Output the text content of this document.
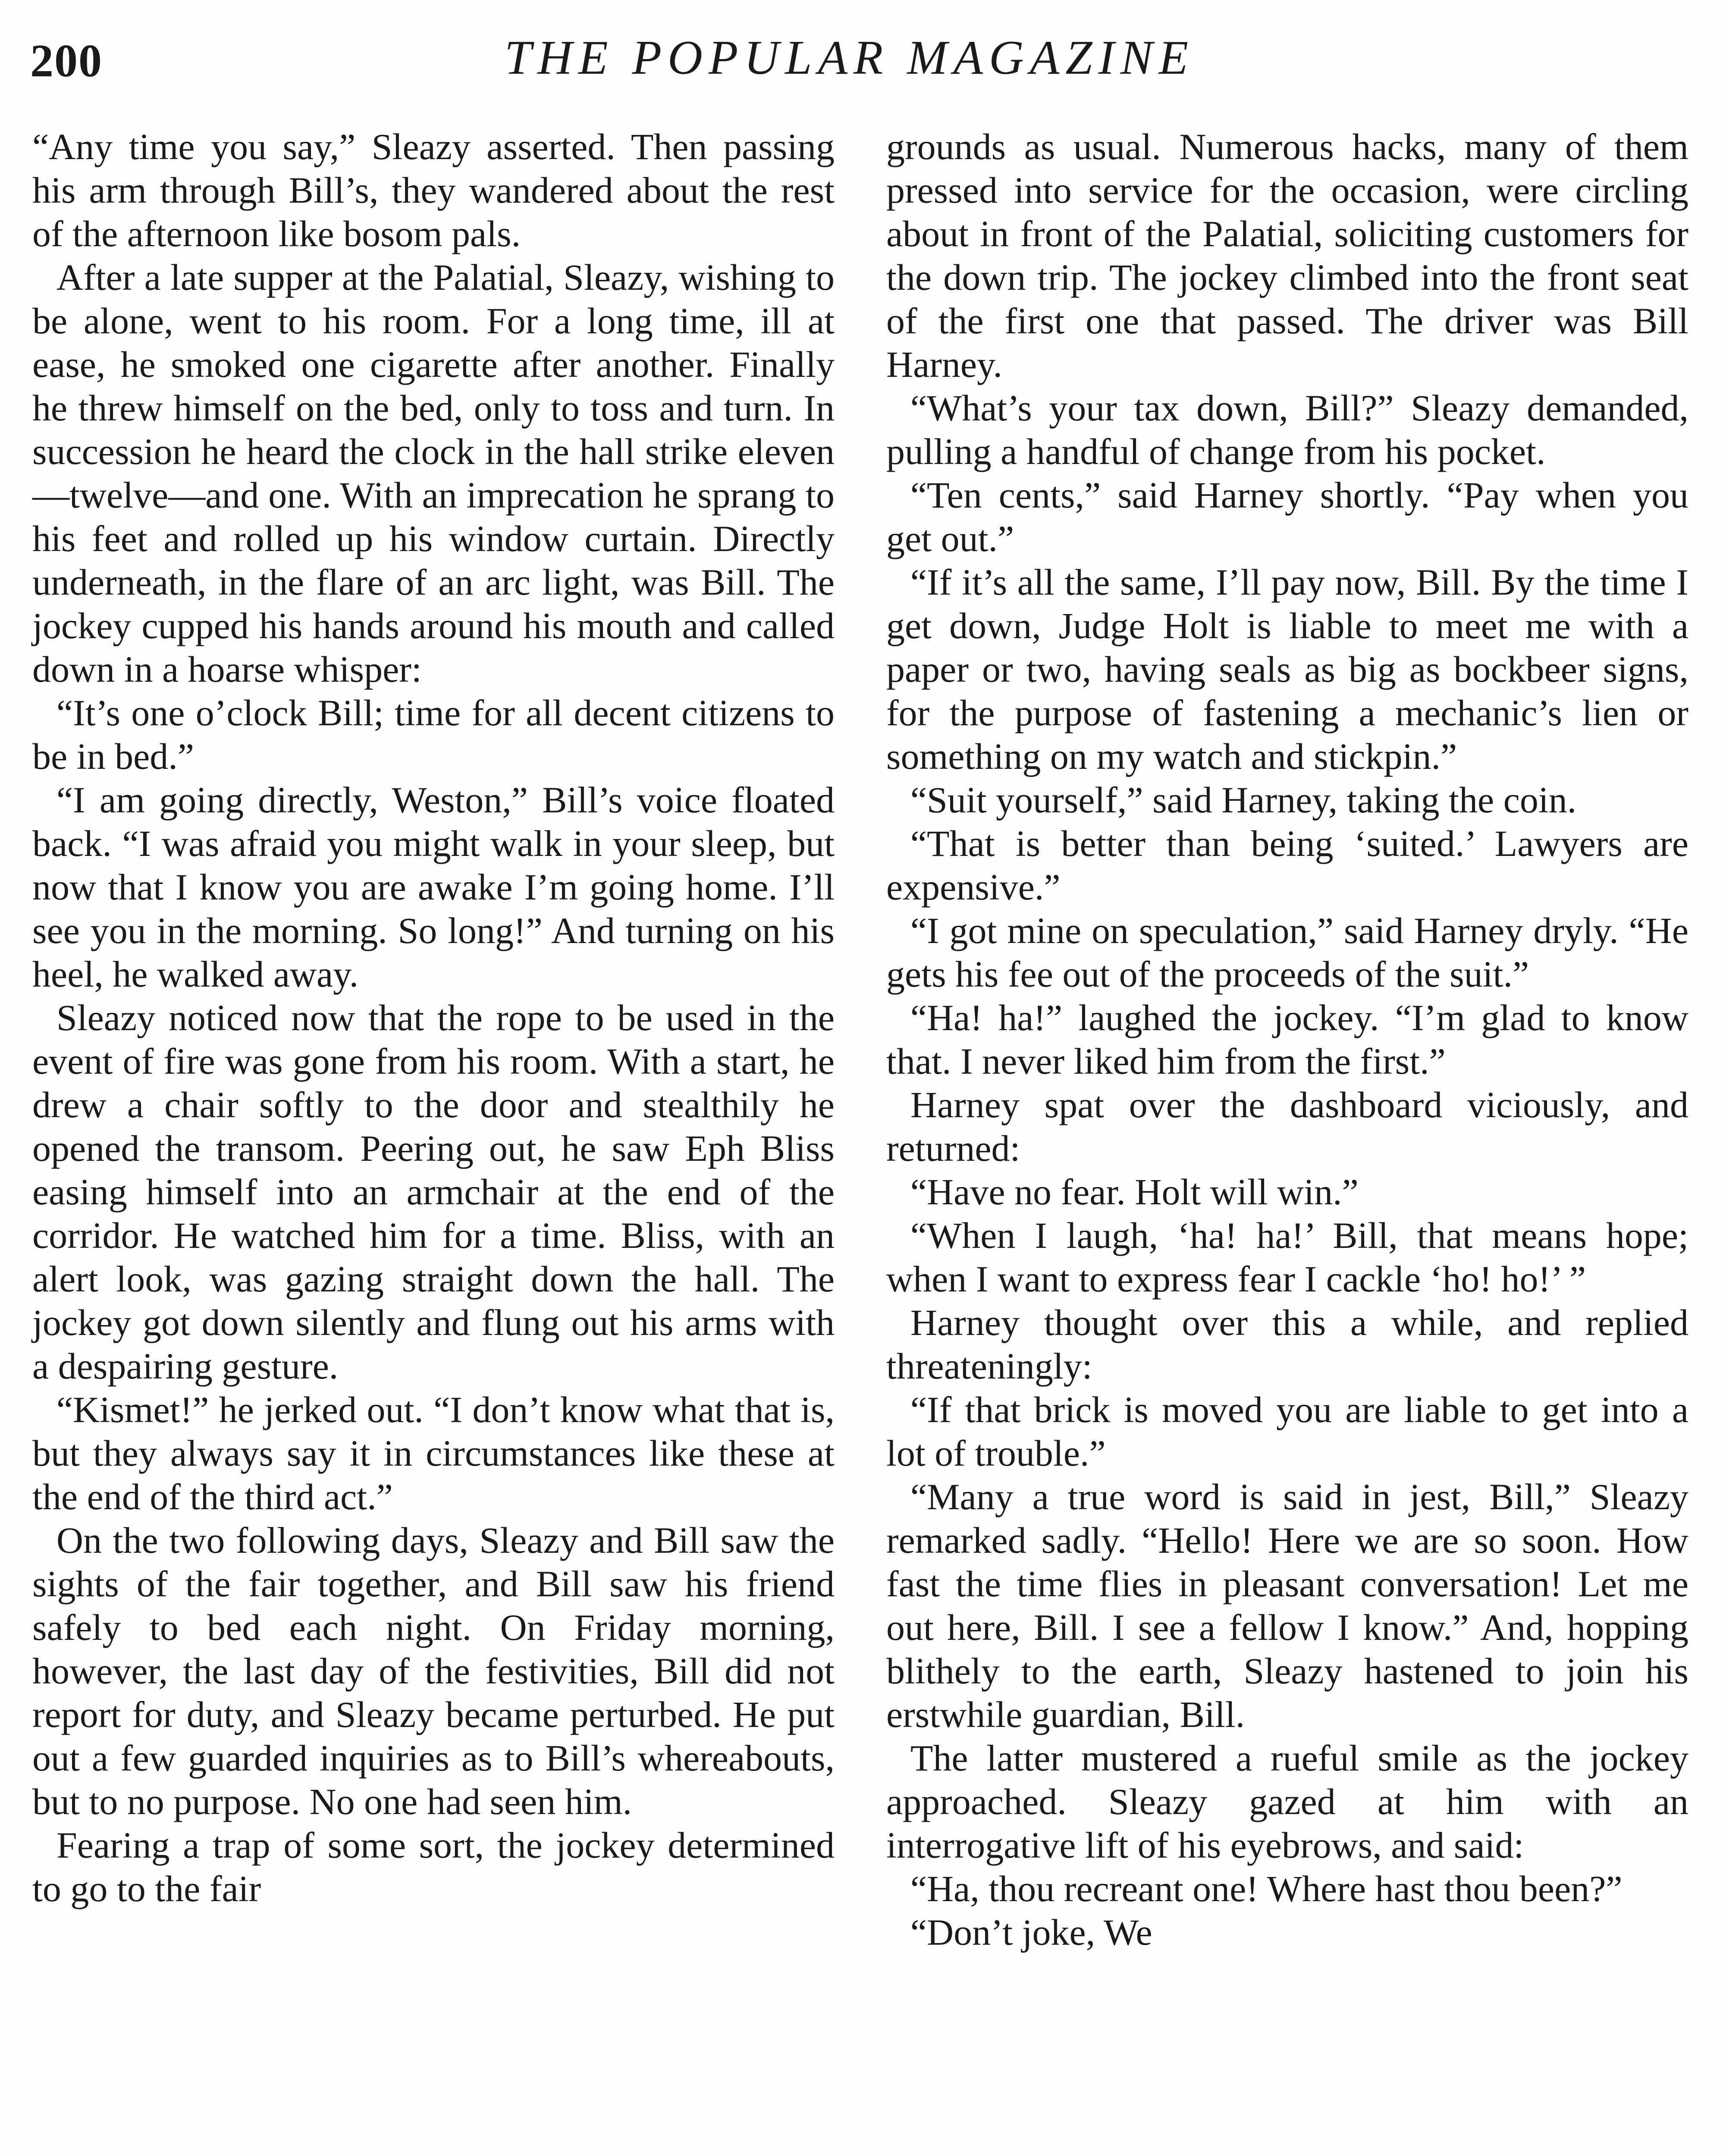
200	THE POPULAR MAGAZINE

“Any time you say,” Sleazy asserted. Then passing his arm through Bill’s, they wandered about the rest of the afternoon like bosom pals.

After a late supper at the Palatial, Sleazy, wishing to be alone, went to his room. For a long time, ill at ease, he smoked one cigarette after another. Finally he threw himself on the bed, only to toss and turn. In succession he heard the clock in the hall strike eleven—twelve—and one. With an imprecation he sprang to his feet and rolled up his window curtain. Directly underneath, in the flare of an arc light, was Bill. The jockey cupped his hands around his mouth and called down in a hoarse whisper:

“It’s one o’clock Bill; time for all decent citizens to be in bed.”

“I am going directly, Weston,” Bill’s voice floated back. “I was afraid you might walk in your sleep, but now that I know you are awake I’m going home. I’ll see you in the morning. So long!” And turning on his heel, he walked away.

Sleazy noticed now that the rope to be used in the event of fire was gone from his room. With a start, he drew a chair softly to the door and stealthily he opened the transom. Peering out, he saw Eph Bliss easing himself into an armchair at the end of the corridor. He watched him for a time. Bliss, with an alert look, was gazing straight down the hall. The jockey got down silently and flung out his arms with a despairing gesture.

“Kismet!” he jerked out. “I don’t know what that is, but they always say it in circumstances like these at the end of the third act.”

On the two following days, Sleazy and Bill saw the sights of the fair together, and Bill saw his friend safely to bed each night. On Friday morning, however, the last day of the festivities, Bill did not report for duty, and Sleazy became perturbed. He put out a few guarded inquiries as to Bill’s whereabouts, but to no purpose. No one had seen him.

Fearing a trap of some sort, the jockey determined to go to the fair

grounds as usual. Numerous hacks, many of them pressed into service for the occasion, were circling about in front of the Palatial, soliciting customers for the down trip. The jockey climbed into the front seat of the first one that passed. The driver was Bill Harney.

“What’s your tax down, Bill?” Sleazy demanded, pulling a handful of change from his pocket.

“Ten cents,” said Harney shortly. “Pay when you get out.”

“If it’s all the same, I’ll pay now, Bill. By the time I get down, Judge Holt is liable to meet me with a paper or two, having seals as big as bockbeer signs, for the purpose of fastening a mechanic’s lien or something on my watch and stickpin.”

“Suit yourself,” said Harney, taking the coin.

“That is better than being ‘suited.’ Lawyers are expensive.”

“I got mine on speculation,” said Harney dryly. “He gets his fee out of the proceeds of the suit.”

“Ha! ha!” laughed the jockey. “I’m glad to know that. I never liked him from the first.”

Harney spat over the dashboard viciously, and returned:

“Have no fear. Holt will win.”

“When I laugh, ‘ha! ha!’ Bill, that means hope; when I want to express fear I cackle ‘ho! ho!’ ”

Harney thought over this a while, and replied threateningly:

“If that brick is moved you are liable to get into a lot of trouble.”

“Many a true word is said in jest, Bill,” Sleazy remarked sadly. “Hello! Here we are so soon. How fast the time flies in pleasant conversation! Let me out here, Bill. I see a fellow I know.” And, hopping blithely to the earth, Sleazy hastened to join his erstwhile guardian, Bill.

The latter mustered a rueful smile as the jockey approached. Sleazy gazed at him with an interrogative lift of his eyebrows, and said:

“Ha, thou recreant one! Where hast thou been?”

“Don’t joke, We
